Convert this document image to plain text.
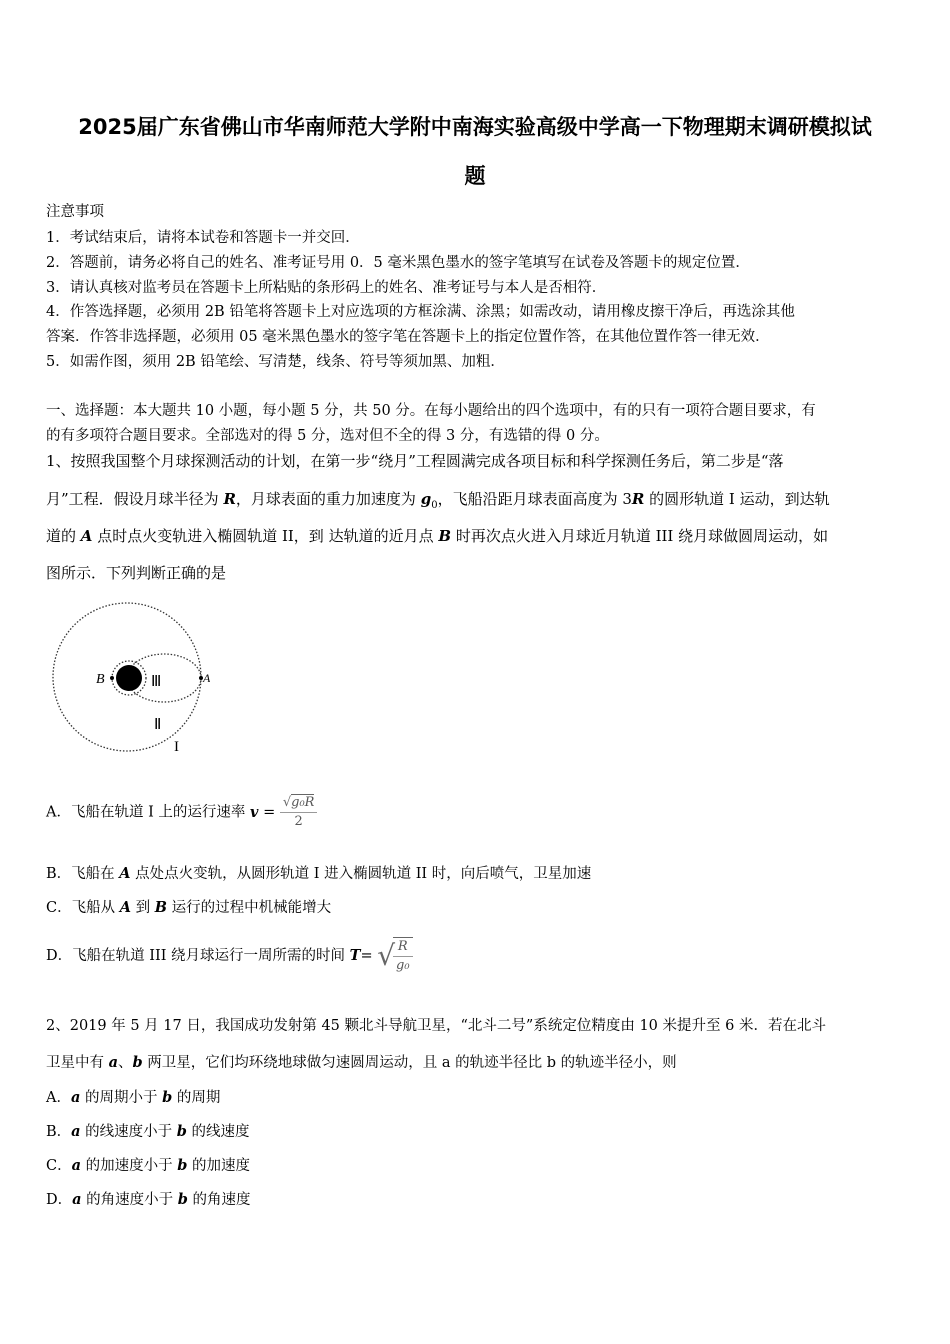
2025届广东省佛山市华南师范大学附中南海实验高级中学高一下物理期末调研模拟试
题
注意事项
1．考试结束后，请将本试卷和答题卡一并交回．
2．答题前，请务必将自己的姓名、准考证号用 0．5 毫米黑色墨水的签字笔填写在试卷及答题卡的规定位置．
3．请认真核对监考员在答题卡上所粘贴的条形码上的姓名、准考证号与本人是否相符．
4．作答选择题，必须用 2B 铅笔将答题卡上对应选项的方框涂满、涂黑；如需改动，请用橡皮擦干净后，再选涂其他
答案．作答非选择题，必须用 05 毫米黑色墨水的签字笔在答题卡上的指定位置作答，在其他位置作答一律无效．
5．如需作图，须用 2B 铅笔绘、写清楚，线条、符号等须加黑、加粗．
一、选择题：本大题共 10 小题，每小题 5 分，共 50 分。在每小题给出的四个选项中，有的只有一项符合题目要求，有
的有多项符合题目要求。全部选对的得 5 分，选对但不全的得 3 分，有选错的得 0 分。
1、按照我国整个月球探测活动的计划，在第一步“绕月”工程圆满完成各项目标和科学探测任务后，第二步是“落
月”工程．假设月球半径为 R，月球表面的重力加速度为 $g_0$，飞船沿距月球表面高度为 3R 的圆形轨道 I 运动，到达轨
道的 A 点时点火变轨进入椭圆轨道 II，到 达轨道的近月点 B 时再次点火进入月球近月轨道 III 绕月球做圆周运动，如
图所示．下列判断正确的是
B	A
Ⅲ
Ⅱ
I
A．飞船在轨道 I 上的运行速率 $v = \frac{\text{√g₀R}}{2}$
B．飞船在 A 点处点火变轨，从圆形轨道 I 进入椭圆轨道 II 时，向后喷气，卫星加速
C．飞船从 A 到 B 运行的过程中机械能增大
D．飞船在轨道 III 绕月球运行一周所需的时间 T= √
$\frac{R}{\text{g₀}}$
2、2019 年 5 月 17 日，我国成功发射第 45 颗北斗导航卫星，“北斗二号”系统定位精度由 10 米提升至 6 米．若在北斗
卫星中有 a、b 两卫星，它们均环绕地球做匀速圆周运动，且 a 的轨迹半径比 b 的轨迹半径小，则
A．a 的周期小于 b 的周期
B．a 的线速度小于 b 的线速度
C．a 的加速度小于 b 的加速度
D．a 的角速度小于 b 的角速度
